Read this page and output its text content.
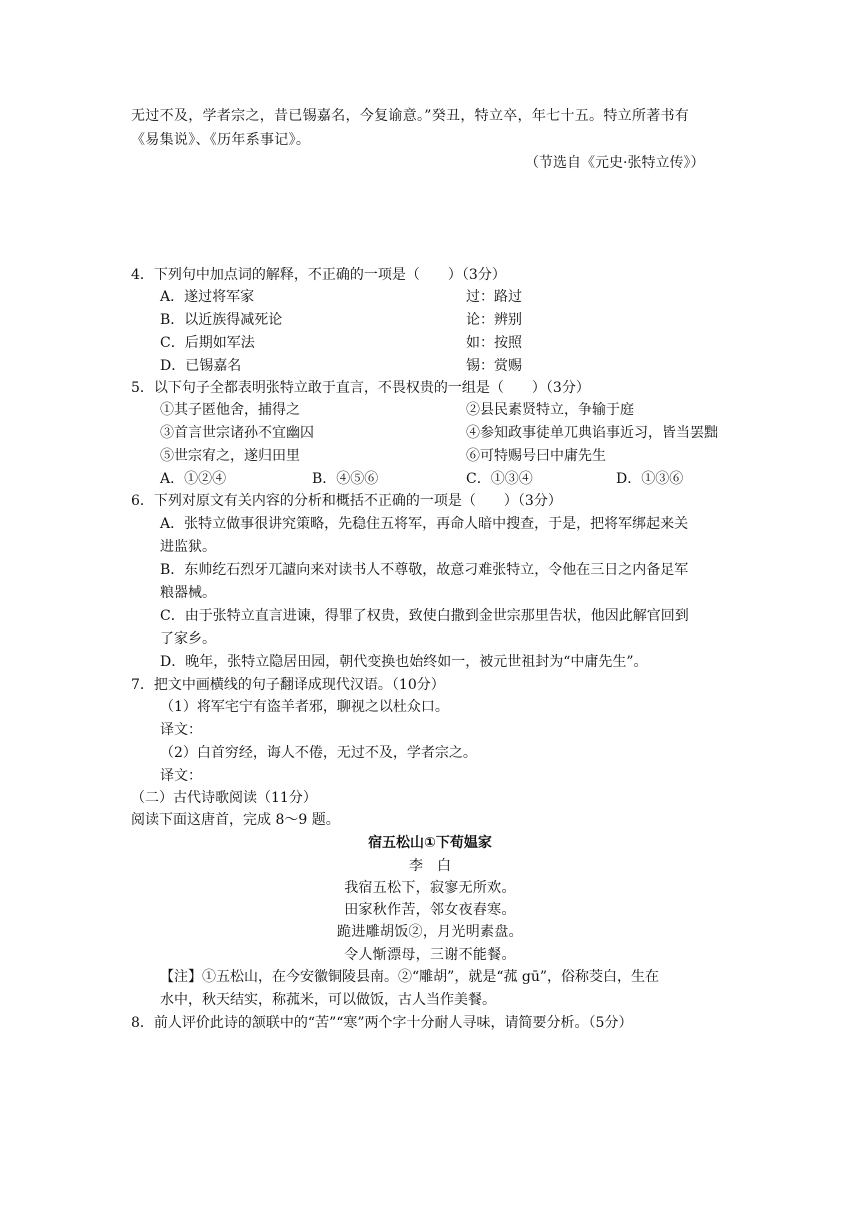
无过不及，学者宗之，昔已锡嘉名，今复谕意。”癸丑，特立卒，年七十五。特立所著书有
《易集说》、《历年系事记》。
（节选自《元史·张特立传》）
4．下列句中加点词的解释，不正确的一项是（　　）（3分）
A．遂过将军家	过：路过
B．以近族得减死论	论：辨别
C．后期如军法	如：按照
D．已锡嘉名	锡：赏赐
5．以下句子全都表明张特立敢于直言，不畏权贵的一组是（　　）（3分）
①其子匿他舍，捕得之	②县民素贤特立，争输于庭
③首言世宗诸孙不宜幽囚	④参知政事徒单兀典谄事近习，皆当罢黜
⑤世宗宥之，遂归田里	⑥可特赐号曰中庸先生
A．①②④	B．④⑤⑥	C．①③④	D．①③⑥
6．下列对原文有关内容的分析和概括不正确的一项是（　　）（3分）
A．张特立做事很讲究策略，先稳住五将军，再命人暗中搜查，于是，把将军绑起来关
进监狱。
B．东帅纥石烈牙兀謯向来对读书人不尊敬，故意刁难张特立，令他在三日之内备足军
粮器械。
C．由于张特立直言进谏，得罪了权贵，致使白撒到金世宗那里告状，他因此解官回到
了家乡。
D．晚年，张特立隐居田园，朝代变换也始终如一，被元世祖封为“中庸先生”。
7．把文中画横线的句子翻译成现代汉语。（10分）
（1）将军宅宁有盗羊者邪，聊视之以杜众口。
译文：
（2）白首穷经，诲人不倦，无过不及，学者宗之。
译文：
（二）古代诗歌阅读（11分）
阅读下面这唐首，完成 8～9 题。
宿五松山①下荀媪家
李　白
我宿五松下，寂寥无所欢。
田家秋作苦，邻女夜舂寒。
跪进雕胡饭②，月光明素盘。
令人惭漂母，三谢不能餐。
【注】①五松山，在今安徽铜陵县南。②“雕胡”，就是“菰 gū”，俗称茭白，生在
水中，秋天结实，称菰米，可以做饭，古人当作美餐。
8．前人评价此诗的颔联中的“苦”“寒”两个字十分耐人寻味，请简要分析。（5分）
